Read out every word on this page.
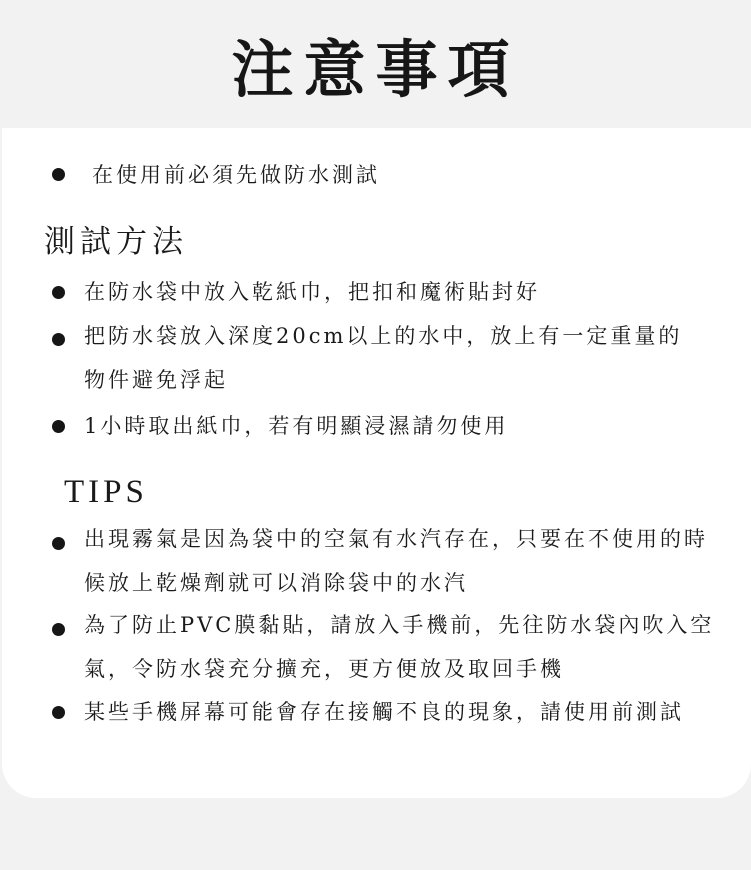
注意事項
在使用前必須先做防水測試
測試方法
在防水袋中放入乾紙巾，把扣和魔術貼封好
把防水袋放入深度20cm以上的水中，放上有一定重量的物件避免浮起
1小時取出紙巾，若有明顯浸濕請勿使用
TIPS
出現霧氣是因為袋中的空氣有水汽存在，只要在不使用的時候放上乾燥劑就可以消除袋中的水汽
為了防止PVC膜黏貼，請放入手機前，先往防水袋內吹入空氣，令防水袋充分擴充，更方便放及取回手機
某些手機屏幕可能會存在接觸不良的現象，請使用前測試
